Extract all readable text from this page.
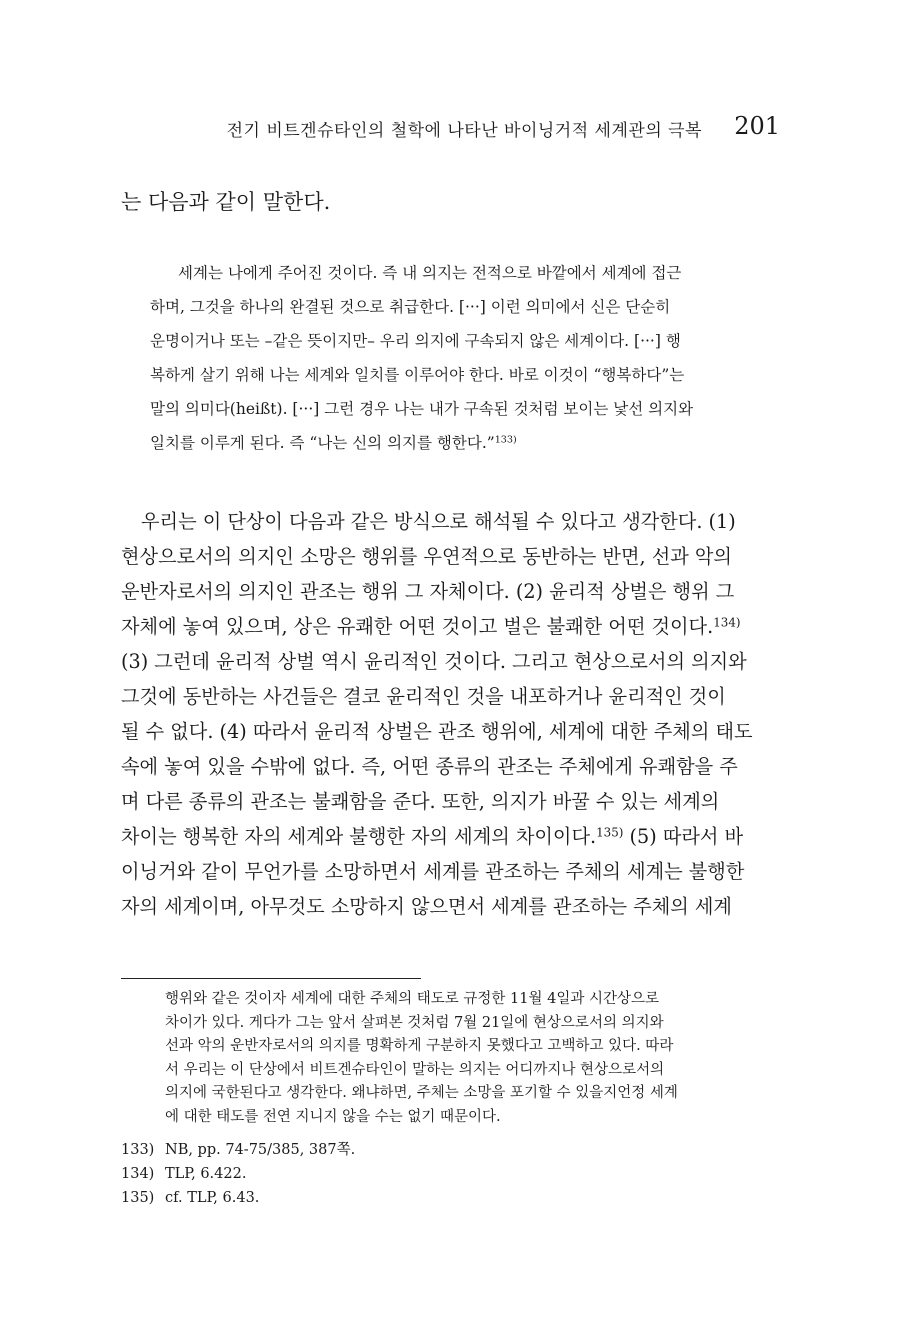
전기 비트겐슈타인의 철학에 나타난 바이닝거적 세계관의 극복 201
는 다음과 같이 말한다.
세계는 나에게 주어진 것이다. 즉 내 의지는 전적으로 바깥에서 세계에 접근
하며, 그것을 하나의 완결된 것으로 취급한다. [···] 이런 의미에서 신은 단순히
운명이거나 또는 –같은 뜻이지만– 우리 의지에 구속되지 않은 세계이다. [···] 행
복하게 살기 위해 나는 세계와 일치를 이루어야 한다. 바로 이것이 “행복하다”는
말의 의미다(heißt). [···] 그런 경우 나는 내가 구속된 것처럼 보이는 낯선 의지와
일치를 이루게 된다. 즉 “나는 신의 의지를 행한다.”$^{133)}$
우리는 이 단상이 다음과 같은 방식으로 해석될 수 있다고 생각한다. (1)
현상으로서의 의지인 소망은 행위를 우연적으로 동반하는 반면, 선과 악의
운반자로서의 의지인 관조는 행위 그 자체이다. (2) 윤리적 상벌은 행위 그
자체에 놓여 있으며, 상은 유쾌한 어떤 것이고 벌은 불쾌한 어떤 것이다.$^{134)}$
(3) 그런데 윤리적 상벌 역시 윤리적인 것이다. 그리고 현상으로서의 의지와
그것에 동반하는 사건들은 결코 윤리적인 것을 내포하거나 윤리적인 것이
될 수 없다. (4) 따라서 윤리적 상벌은 관조 행위에, 세계에 대한 주체의 태도
속에 놓여 있을 수밖에 없다. 즉, 어떤 종류의 관조는 주체에게 유쾌함을 주
며 다른 종류의 관조는 불쾌함을 준다. 또한, 의지가 바꿀 수 있는 세계의
차이는 행복한 자의 세계와 불행한 자의 세계의 차이이다.$^{135)}$ (5) 따라서 바
이닝거와 같이 무언가를 소망하면서 세계를 관조하는 주체의 세계는 불행한
자의 세계이며, 아무것도 소망하지 않으면서 세계를 관조하는 주체의 세계
행위와 같은 것이자 세계에 대한 주체의 태도로 규정한 11월 4일과 시간상으로
차이가 있다. 게다가 그는 앞서 살펴본 것처럼 7월 21일에 현상으로서의 의지와
선과 악의 운반자로서의 의지를 명확하게 구분하지 못했다고 고백하고 있다. 따라
서 우리는 이 단상에서 비트겐슈타인이 말하는 의지는 어디까지나 현상으로서의
의지에 국한된다고 생각한다. 왜냐하면, 주체는 소망을 포기할 수 있을지언정 세계
에 대한 태도를 전연 지니지 않을 수는 없기 때문이다.
133) NB, pp. 74-75/385, 387쪽.
134) TLP, 6.422.
135) cf. TLP, 6.43.
